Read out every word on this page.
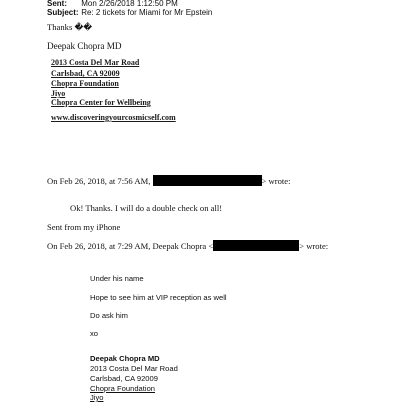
Sent: Mon 2/26/2018 1:12:50 PM
Subject: Re: 2 tickets for Miami for Mr Epstein
Thanks ��
Deepak Chopra MD
2013 Costa Del Mar Road
Carlsbad, CA 92009
Chopra Foundation
Jiyo
Chopra Center for Wellbeing
www.discoveringyourcosmicself.com
On Feb 26, 2018, at 7:56 AM,	> wrote:
Ok! Thanks. I will do a double check on all!
Sent from my iPhone
On Feb 26, 2018, at 7:29 AM, Deepak Chopra <	> wrote:
Under his name
Hope to see him at VIP reception as well
Do ask him
xo
Deepak Chopra MD
2013 Costa Del Mar Road
Carlsbad, CA 92009
Chopra Foundation
Jiyo
